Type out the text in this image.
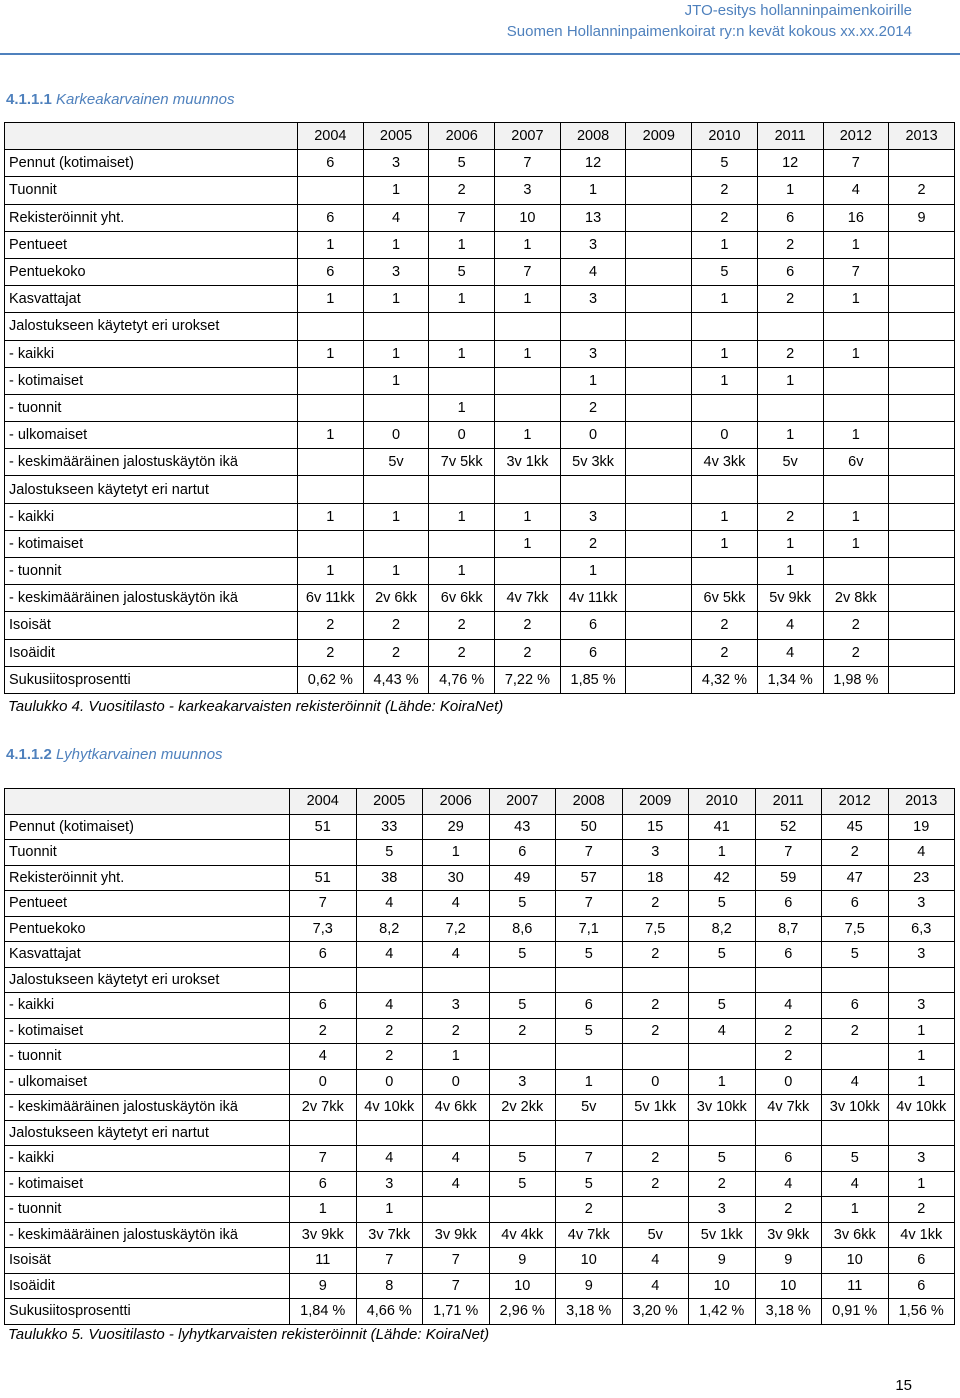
JTO-esitys hollanninpaimenkoirille
Suomen Hollanninpaimenkoirat ry:n kevät kokous xx.xx.2014
4.1.1.1 Karkeakarvainen muunnos
	2004	2005	2006	2007	2008	2009	2010	2011	2012	2013
Pennut (kotimaiset)	6	3	5	7	12		5	12	7	
Tuonnit		1	2	3	1		2	1	4	2
Rekisteröinnit yht.	6	4	7	10	13		2	6	16	9
Pentueet	1	1	1	1	3		1	2	1	
Pentuekoko	6	3	5	7	4		5	6	7	
Kasvattajat	1	1	1	1	3		1	2	1	
Jalostukseen käytetyt eri urokset										
- kaikki	1	1	1	1	3		1	2	1	
- kotimaiset		1			1		1	1		
- tuonnit			1		2					
- ulkomaiset	1	0	0	1	0		0	1	1	
- keskimääräinen jalostuskäytön ikä		5v	7v 5kk	3v 1kk	5v 3kk		4v 3kk	5v	6v	
Jalostukseen käytetyt eri nartut										
- kaikki	1	1	1	1	3		1	2	1	
- kotimaiset				1	2		1	1	1	
- tuonnit	1	1	1		1			1		
- keskimääräinen jalostuskäytön ikä	6v 11kk	2v 6kk	6v 6kk	4v 7kk	4v 11kk		6v 5kk	5v 9kk	2v 8kk	
Isoisät	2	2	2	2	6		2	4	2	
Isoäidit	2	2	2	2	6		2	4	2	
Sukusiitosprosentti	0,62 %	4,43 %	4,76 %	7,22 %	1,85 %		4,32 %	1,34 %	1,98 %	
Taulukko 4. Vuositilasto - karkeakarvaisten rekisteröinnit (Lähde: KoiraNet)
4.1.1.2 Lyhytkarvainen muunnos
	2004	2005	2006	2007	2008	2009	2010	2011	2012	2013
Pennut (kotimaiset)	51	33	29	43	50	15	41	52	45	19
Tuonnit		5	1	6	7	3	1	7	2	4
Rekisteröinnit yht.	51	38	30	49	57	18	42	59	47	23
Pentueet	7	4	4	5	7	2	5	6	6	3
Pentuekoko	7,3	8,2	7,2	8,6	7,1	7,5	8,2	8,7	7,5	6,3
Kasvattajat	6	4	4	5	5	2	5	6	5	3
Jalostukseen käytetyt eri urokset										
- kaikki	6	4	3	5	6	2	5	4	6	3
- kotimaiset	2	2	2	2	5	2	4	2	2	1
- tuonnit	4	2	1					2		1
- ulkomaiset	0	0	0	3	1	0	1	0	4	1
- keskimääräinen jalostuskäytön ikä	2v 7kk	4v 10kk	4v 6kk	2v 2kk	5v	5v 1kk	3v 10kk	4v 7kk	3v 10kk	4v 10kk
Jalostukseen käytetyt eri nartut										
- kaikki	7	4	4	5	7	2	5	6	5	3
- kotimaiset	6	3	4	5	5	2	2	4	4	1
- tuonnit	1	1			2		3	2	1	2
- keskimääräinen jalostuskäytön ikä	3v 9kk	3v 7kk	3v 9kk	4v 4kk	4v 7kk	5v	5v 1kk	3v 9kk	3v 6kk	4v 1kk
Isoisät	11	7	7	9	10	4	9	9	10	6
Isoäidit	9	8	7	10	9	4	10	10	11	6
Sukusiitosprosentti	1,84 %	4,66 %	1,71 %	2,96 %	3,18 %	3,20 %	1,42 %	3,18 %	0,91 %	1,56 %
Taulukko 5. Vuositilasto - lyhytkarvaisten rekisteröinnit (Lähde: KoiraNet)
15
